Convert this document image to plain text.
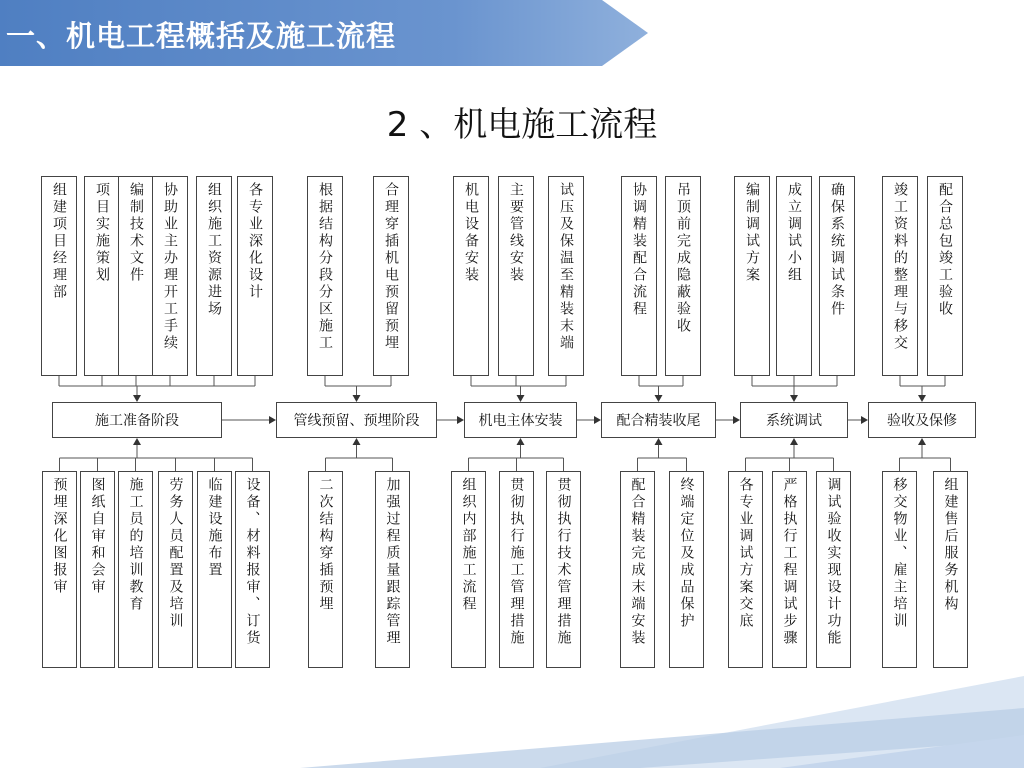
一、机电工程概括及施工流程
2 、机电施工流程
施工准备阶段
组建项目经理部 项目实施策划 编制技术文件 协助业主办理开工手续 组织施工资源进场 各专业深化设计
预埋深化图报审 图纸自审和会审 施工员的培训教育 劳务人员配置及培训 临建设施布置 设备、材料报审、订货
管线预留、预埋阶段
根据结构分段分区施工	合理穿插机电预留预埋
二次结构穿插预埋	加强过程质量跟踪管理
机电主体安装
机电设备安装 主要管线安装 试压及保温至精装末端
组织内部施工流程 贯彻执行施工管理措施 贯彻执行技术管理措施
配合精装收尾
协调精装配合流程 吊顶前完成隐蔽验收
配合精装完成末端安装 终端定位及成品保护
系统调试
编制调试方案 成立调试小组 确保系统调试条件
各专业调试方案交底 严格执行工程调试步骤 调试验收实现设计功能
验收及保修
竣工资料的整理与移交 配合总包竣工验收
移交物业、雇主培训	组建售后服务机构
